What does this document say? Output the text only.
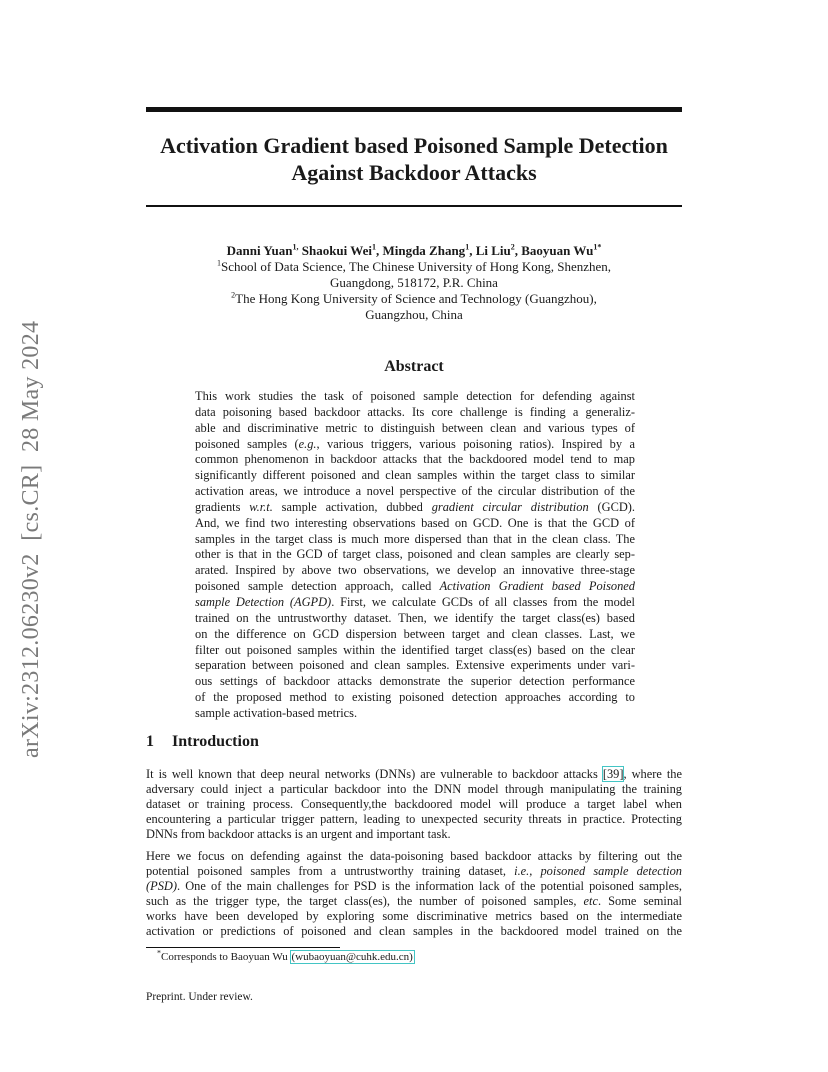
arXiv:2312.06230v2  [cs.CR]  28 May 2024
Activation Gradient based Poisoned Sample Detection
Against Backdoor Attacks
Danni Yuan$^{1,}$ Shaokui Wei$^1$, Mingda Zhang$^1$, Li Liu$^2$, Baoyuan $Wu^{1*}$
$^1$School of Data Science, The Chinese University of Hong Kong, Shenzhen,
Guangdong, 518172, P.R. China
$^2$The Hong Kong University of Science and Technology (Guangzhou),
Guangzhou, China
Abstract
This work studies the task of poisoned sample detection for defending against
data poisoning based backdoor attacks. Its core challenge is finding a generaliz-
able and discriminative metric to distinguish between clean and various types of
poisoned samples (e.g., various triggers, various poisoning ratios). Inspired by a
common phenomenon in backdoor attacks that the backdoored model tend to map
significantly different poisoned and clean samples within the target class to similar
activation areas, we introduce a novel perspective of the circular distribution of the
gradients w.r.t. sample activation, dubbed gradient circular distribution (GCD).
And, we find two interesting observations based on GCD. One is that the GCD of
samples in the target class is much more dispersed than that in the clean class. The
other is that in the GCD of target class, poisoned and clean samples are clearly sep-
arated. Inspired by above two observations, we develop an innovative three-stage
poisoned sample detection approach, called Activation Gradient based Poisoned
sample Detection (AGPD). First, we calculate GCDs of all classes from the model
trained on the untrustworthy dataset. Then, we identify the target class(es) based
on the difference on GCD dispersion between target and clean classes. Last, we
filter out poisoned samples within the identified target class(es) based on the clear
separation between poisoned and clean samples. Extensive experiments under vari-
ous settings of backdoor attacks demonstrate the superior detection performance
of the proposed method to existing poisoned detection approaches according to
sample activation-based metrics.
1 Introduction
It is well known that deep neural networks (DNNs) are vulnerable to backdoor attacks [39], where the
adversary could inject a particular backdoor into the DNN model through manipulating the training
dataset or training process. Consequently,the backdoored model will produce a target label when
encountering a particular trigger pattern, leading to unexpected security threats in practice. Protecting
DNNs from backdoor attacks is an urgent and important task.
Here we focus on defending against the data-poisoning based backdoor attacks by filtering out the
potential poisoned samples from a untrustworthy training dataset, i.e., poisoned sample detection
(PSD). One of the main challenges for PSD is the information lack of the potential poisoned samples,
such as the trigger type, the target class(es), the number of poisoned samples, etc. Some seminal
works have been developed by exploring some discriminative metrics based on the intermediate
activation or predictions of poisoned and clean samples in the backdoored model trained on the
*Corresponds to Baoyuan Wu (wubaoyuan@cuhk.edu.cn)
Preprint. Under review.
